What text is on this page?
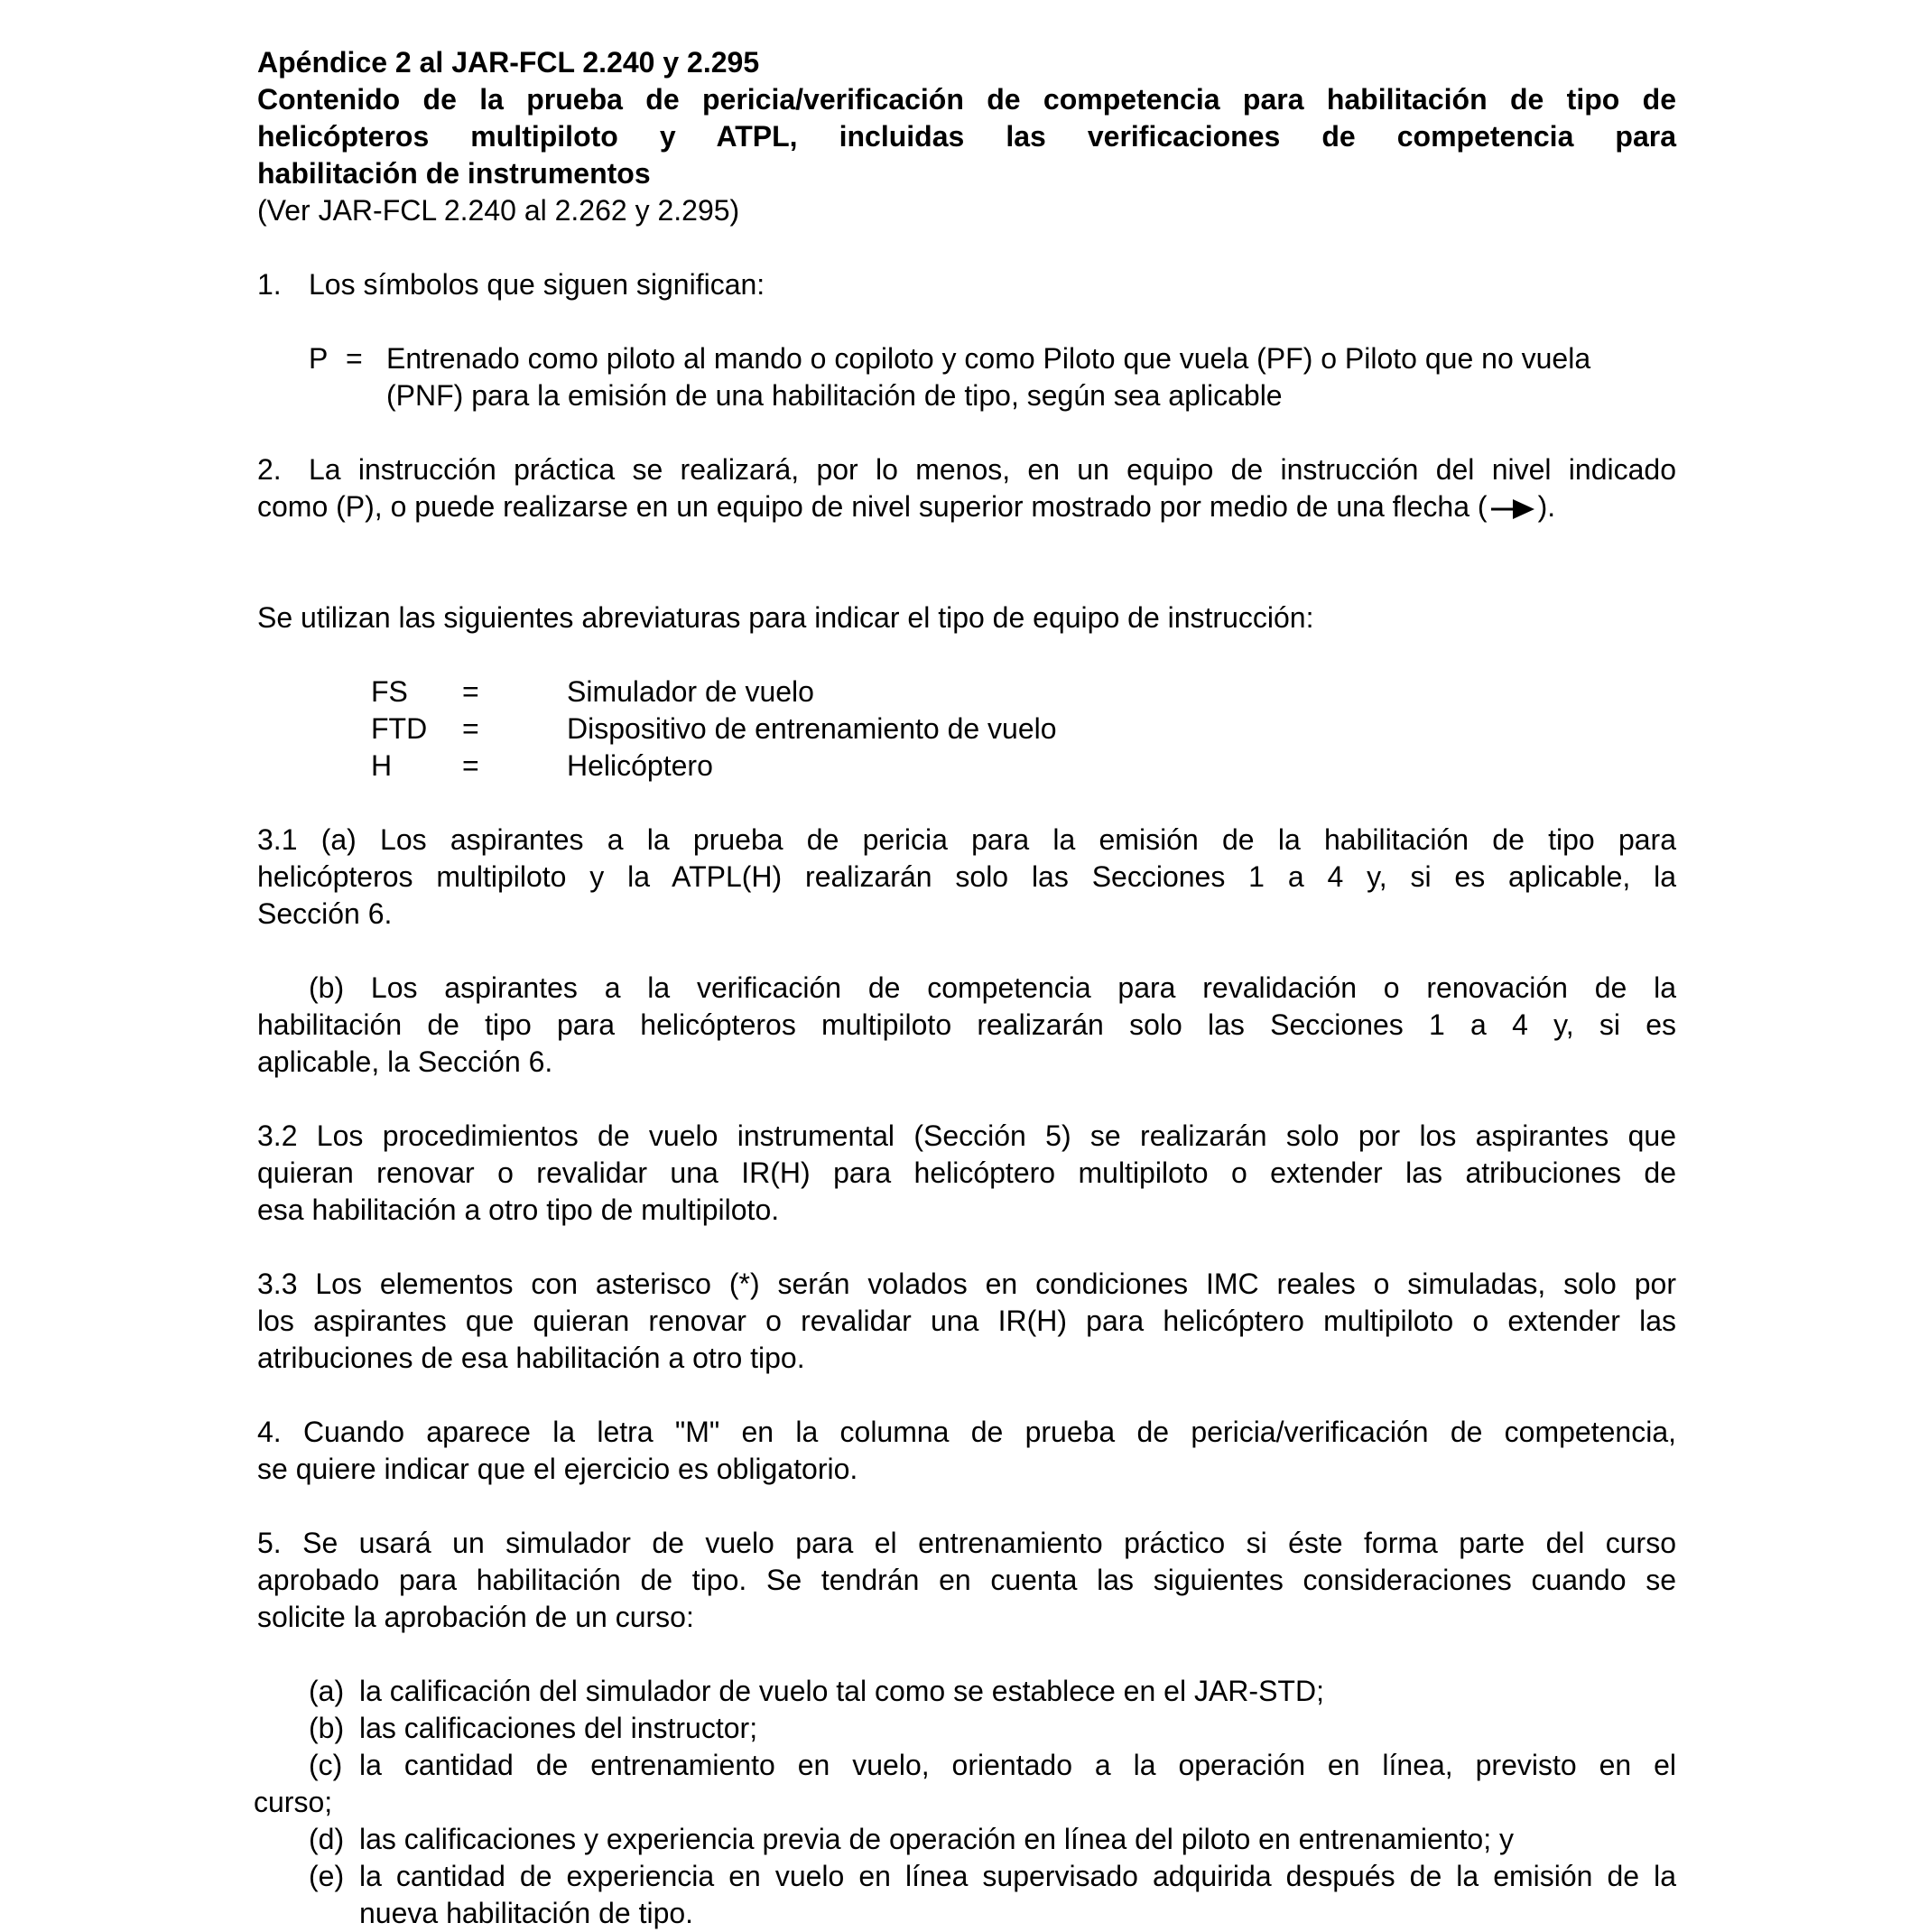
Apéndice 2 al JAR-FCL 2.240 y 2.295
Contenido de la prueba de pericia/verificación de competencia para habilitación de tipo de
helicópteros multipiloto y ATPL, incluidas las verificaciones de competencia para
habilitación de instrumentos
(Ver JAR-FCL 2.240 al 2.262 y 2.295)
1. Los símbolos que siguen significan:
P = Entrenado como piloto al mando o copiloto y como Piloto que vuela (PF) o Piloto que no vuela
(PNF) para la emisión de una habilitación de tipo, según sea aplicable
2. La instrucción práctica se realizará, por lo menos, en un equipo de instrucción del nivel indicado
como (P), o puede realizarse en un equipo de nivel superior mostrado por medio de una flecha ( ).
Se utilizan las siguientes abreviaturas para indicar el tipo de equipo de instrucción:
FS =	Simulador de vuelo
FTD =	Dispositivo de entrenamiento de vuelo
H =	Helicóptero
3.1 (a) Los aspirantes a la prueba de pericia para la emisión de la habilitación de tipo para
helicópteros multipiloto y la ATPL(H) realizarán solo las Secciones 1 a 4 y, si es aplicable, la
Sección 6.
(b) Los aspirantes a la verificación de competencia para revalidación o renovación de la
habilitación de tipo para helicópteros multipiloto realizarán solo las Secciones 1 a 4 y, si es
aplicable, la Sección 6.
3.2 Los procedimientos de vuelo instrumental (Sección 5) se realizarán solo por los aspirantes que
quieran renovar o revalidar una IR(H) para helicóptero multipiloto o extender las atribuciones de
esa habilitación a otro tipo de multipiloto.
3.3 Los elementos con asterisco (*) serán volados en condiciones IMC reales o simuladas, solo por
los aspirantes que quieran renovar o revalidar una IR(H) para helicóptero multipiloto o extender las
atribuciones de esa habilitación a otro tipo.
4. Cuando aparece la letra "M" en la columna de prueba de pericia/verificación de competencia,
se quiere indicar que el ejercicio es obligatorio.
5. Se usará un simulador de vuelo para el entrenamiento práctico si éste forma parte del curso
aprobado para habilitación de tipo. Se tendrán en cuenta las siguientes consideraciones cuando se
solicite la aprobación de un curso:
(a) la calificación del simulador de vuelo tal como se establece en el JAR-STD;
(b) las calificaciones del instructor;
(c) la cantidad de entrenamiento en vuelo, orientado a la operación en línea, previsto en el
curso;
(d) las calificaciones y experiencia previa de operación en línea del piloto en entrenamiento; y
(e) la cantidad de experiencia en vuelo en línea supervisado adquirida después de la emisión de la
nueva habilitación de tipo.
